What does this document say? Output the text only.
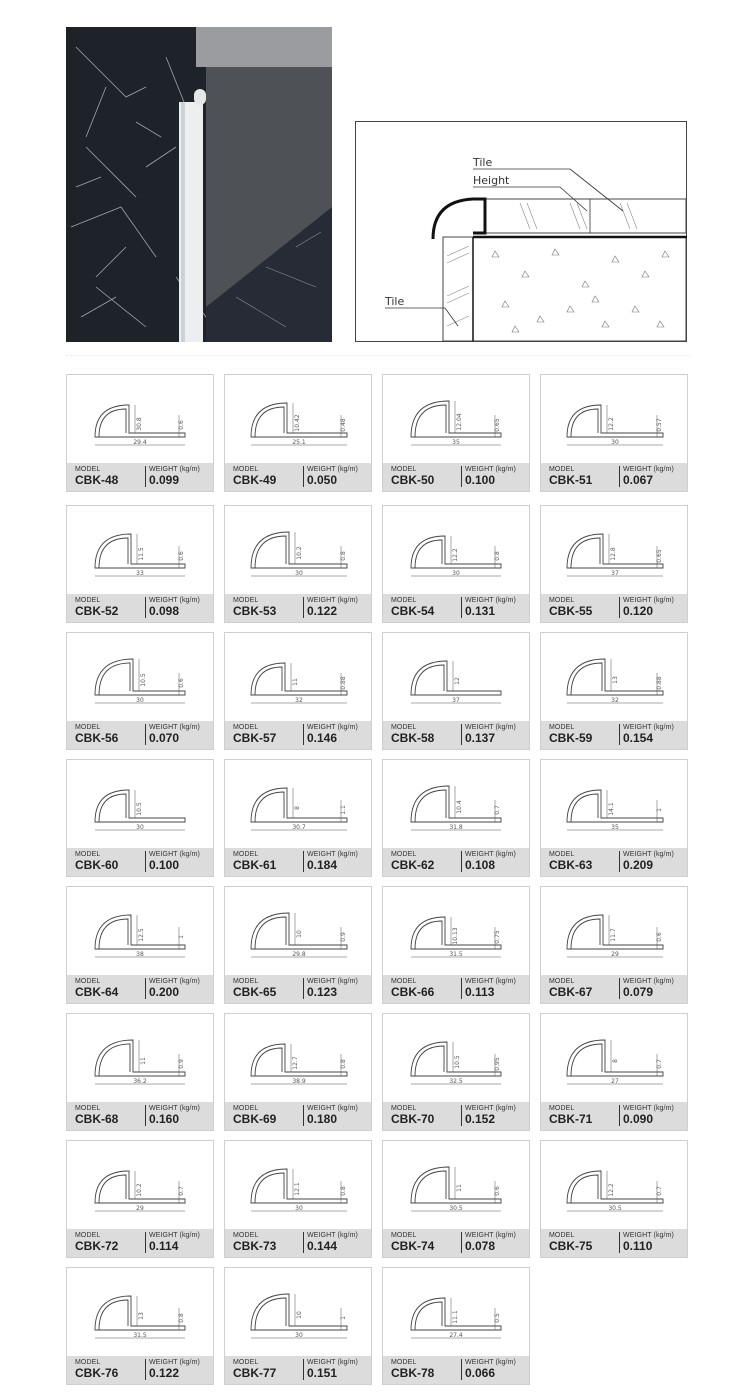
Tile
Height
Tile
29.4
30.8	0.6
MODEL
CBK-48
WEIGHT (kg/m)
0.099
25.1
10.42	0.48
MODEL
CBK-49
WEIGHT (kg/m)
0.050
35
12.04	0.65
MODEL
CBK-50
WEIGHT (kg/m)
0.100
30
12.2	0.57
MODEL
CBK-51
WEIGHT (kg/m)
0.067
33
11.5	0.6
MODEL
CBK-52
WEIGHT (kg/m)
0.098
30
10.2	0.8
MODEL
CBK-53
WEIGHT (kg/m)
0.122
30
12.2	0.8
MODEL
CBK-54
WEIGHT (kg/m)
0.131
37
12.8	0.65
MODEL
CBK-55
WEIGHT (kg/m)
0.120
30
10.5	0.6
MODEL
CBK-56
WEIGHT (kg/m)
0.070
32
11	0.88
MODEL
CBK-57
WEIGHT (kg/m)
0.146
37
12
MODEL
CBK-58
WEIGHT (kg/m)
0.137
32
13	0.88
MODEL
CBK-59
WEIGHT (kg/m)
0.154
30
10.5
MODEL
CBK-60
WEIGHT (kg/m)
0.100
30.7
8	1.1
MODEL
CBK-61
WEIGHT (kg/m)
0.184
31.8
10.4	0.7
MODEL
CBK-62
WEIGHT (kg/m)
0.108
35
14.1	1
MODEL
CBK-63
WEIGHT (kg/m)
0.209
38
12.5	1
MODEL
CBK-64
WEIGHT (kg/m)
0.200
29.8
10	0.9
MODEL
CBK-65
WEIGHT (kg/m)
0.123
31.5
10.13	0.75
MODEL
CBK-66
WEIGHT (kg/m)
0.113
29
11.7	0.6
MODEL
CBK-67
WEIGHT (kg/m)
0.079
36.2
11	0.9
MODEL
CBK-68
WEIGHT (kg/m)
0.160
38.9
12.7	0.8
MODEL
CBK-69
WEIGHT (kg/m)
0.180
32.5
10.5	0.95
MODEL
CBK-70
WEIGHT (kg/m)
0.152
27
8	0.7
MODEL
CBK-71
WEIGHT (kg/m)
0.090
29
10.2	0.7
MODEL
CBK-72
WEIGHT (kg/m)
0.114
30
12.1	0.8
MODEL
CBK-73
WEIGHT (kg/m)
0.144
30.5
11	0.6
MODEL
CBK-74
WEIGHT (kg/m)
0.078
30.5
12.2	0.7
MODEL
CBK-75
WEIGHT (kg/m)
0.110
31.5
13	0.8
MODEL
CBK-76
WEIGHT (kg/m)
0.122
30
10	1
MODEL
CBK-77
WEIGHT (kg/m)
0.151
27.4
11.1	0.5
MODEL
CBK-78
WEIGHT (kg/m)
0.066
